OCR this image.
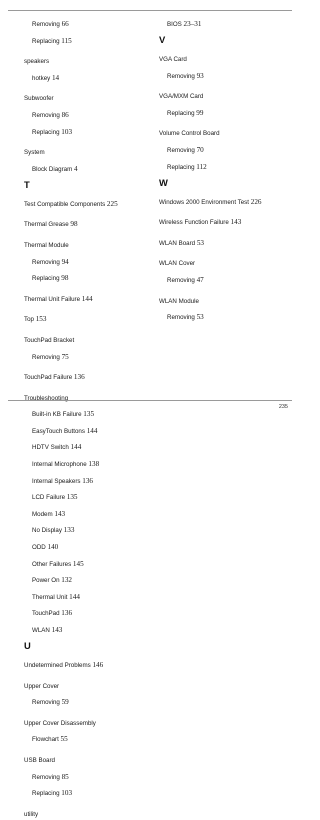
Removing 66
Replacing 115
speakers
hotkey 14
Subwoofer
Removing 86
Replacing 103
System
Block Diagram 4
T
Test Compatible Components 225
Thermal Grease 98
Thermal Module
Removing 94
Replacing 98
Thermal Unit Failure 144
Top 153
TouchPad Bracket
Removing 75
TouchPad Failure 136
Troubleshooting
Built-in KB Failure 135
EasyTouch Buttons 144
HDTV Switch 144
Internal Microphone 138
Internal Speakers 136
LCD Failure 135
Modem 143
No Display 133
ODD 140
Other Failures 145
Power On 132
Thermal Unit 144
TouchPad 136
WLAN 143
U
Undetermined Problems 146
Upper Cover
Removing 59
Upper Cover Disassembly
Flowchart 55
USB Board
Removing 85
Replacing 103
utility
BIOS 23–31
V
VGA Card
Removing 93
VGA/MXM Card
Replacing 99
Volume Control Board
Removing 70
Replacing 112
W
Windows 2000 Environment Test 226
Wireless Function Failure 143
WLAN Board 53
WLAN Cover
Removing 47
WLAN Module
Removing 53
235
